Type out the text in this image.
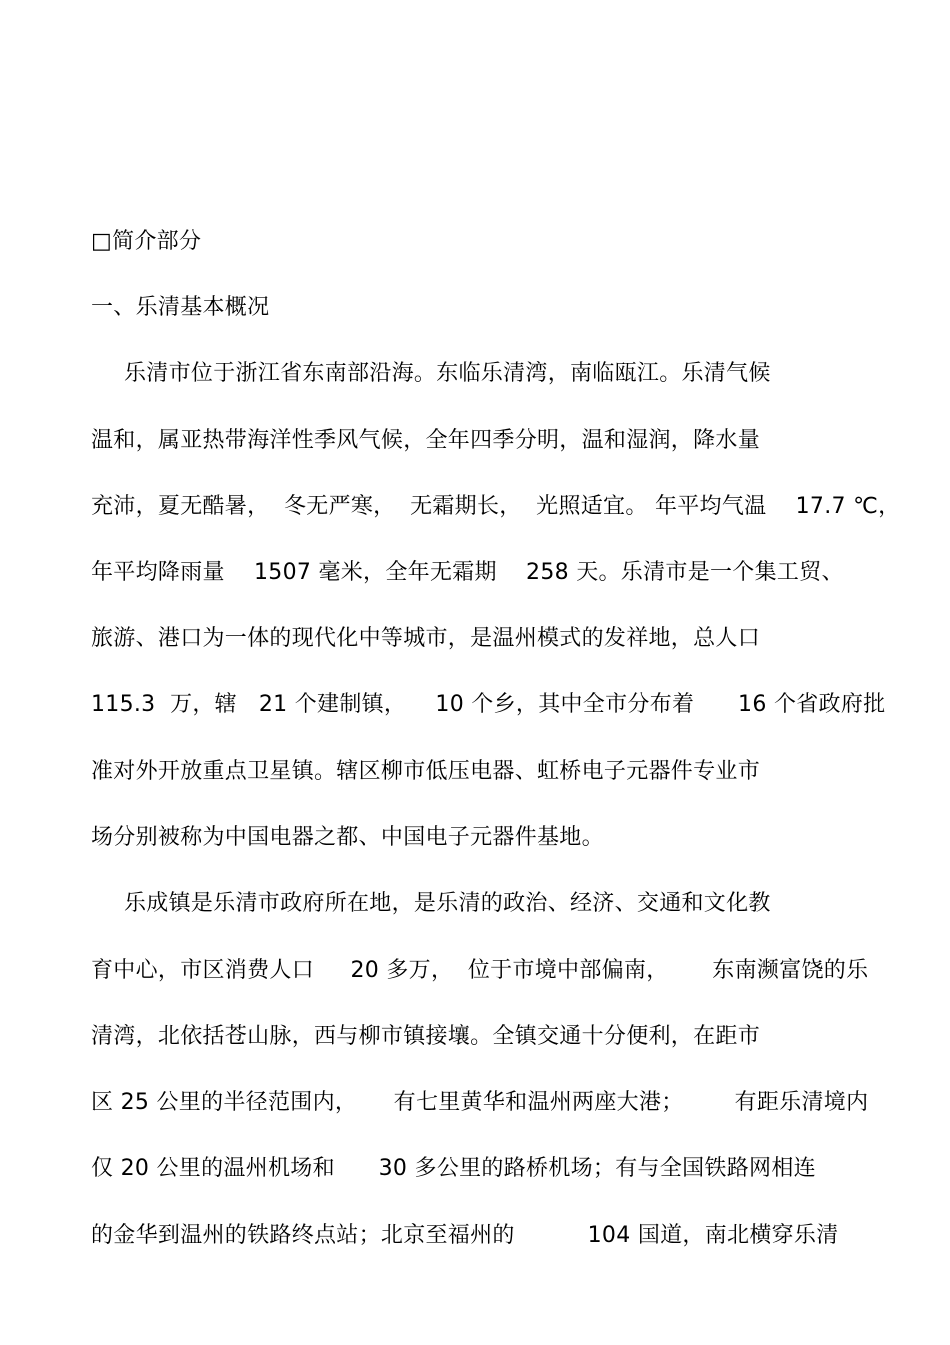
□简介部分
一、乐清基本概况
乐清市位于浙江省东南部沿海。东临乐清湾，南临瓯江。乐清气候
温和，属亚热带海洋性季风气候，全年四季分明，温和湿润，降水量
充沛，夏无酷暑，  冬无严寒，  无霜期长，  光照适宜。 年平均气温    17.7 ℃，
年平均降雨量    1507 毫米，全年无霜期    258 天。乐清市是一个集工贸、
旅游、港口为一体的现代化中等城市，是温州模式的发祥地，总人口
115.3  万，辖   21 个建制镇，    10 个乡，其中全市分布着      16 个省政府批
准对外开放重点卫星镇。辖区柳市低压电器、虹桥电子元器件专业市
场分别被称为中国电器之都、中国电子元器件基地。
乐成镇是乐清市政府所在地，是乐清的政治、经济、交通和文化教
育中心，市区消费人口     20 多万，  位于市境中部偏南，      东南濒富饶的乐
清湾，北依括苍山脉，西与柳市镇接壤。全镇交通十分便利，在距市
区 25 公里的半径范围内，     有七里黄华和温州两座大港；       有距乐清境内
仅 20 公里的温州机场和      30 多公里的路桥机场；有与全国铁路网相连
的金华到温州的铁路终点站；北京至福州的          104 国道，南北横穿乐清
